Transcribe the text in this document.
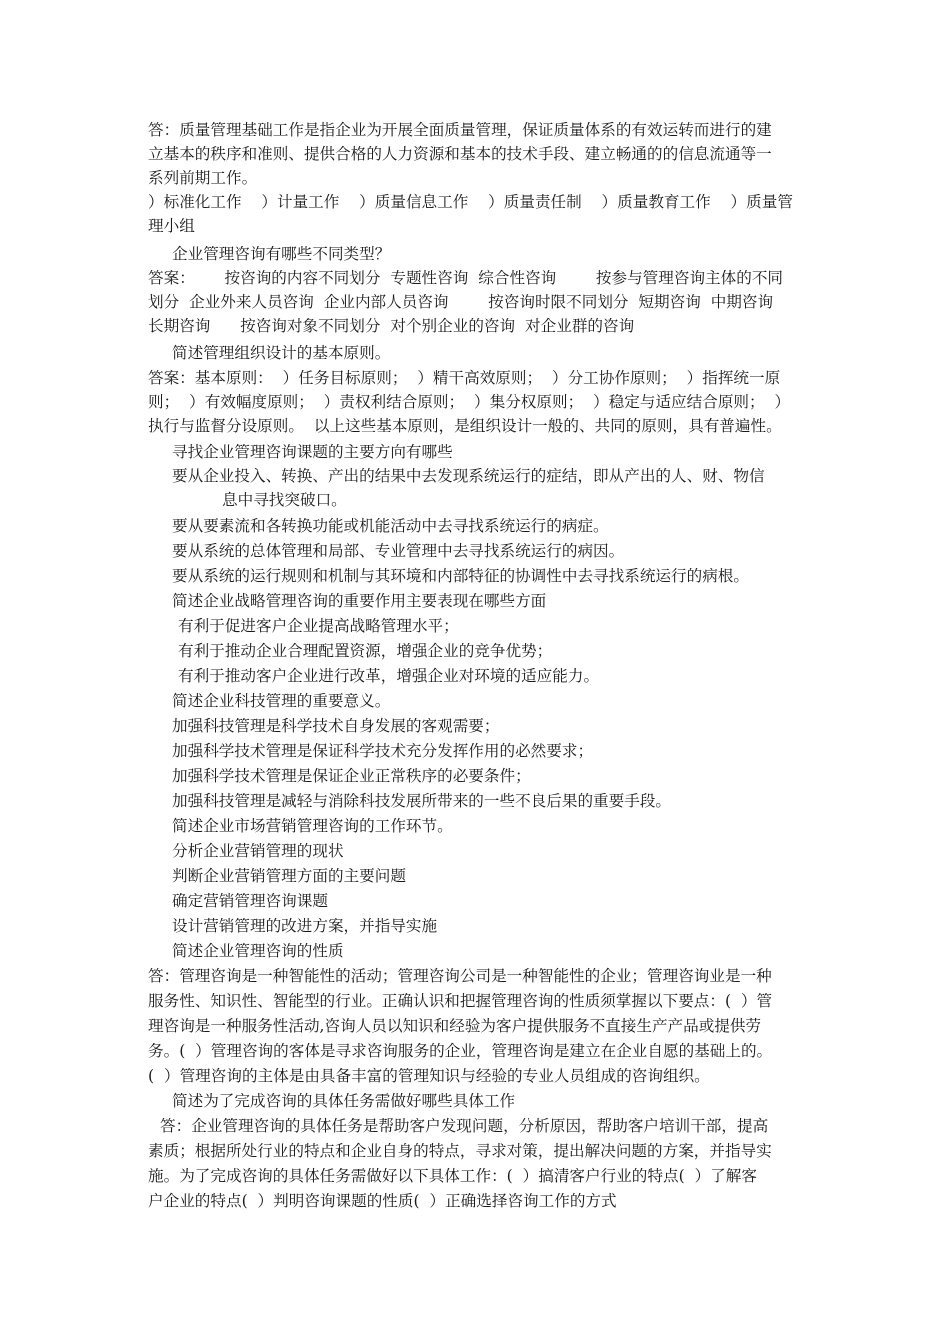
答：质量管理基础工作是指企业为开展全面质量管理，保证质量体系的有效运转而进行的建
立基本的秩序和准则、提供合格的人力资源和基本的技术手段、建立畅通的的信息流通等一
系列前期工作。
）标准化工作    ）计量工作    ）质量信息工作    ）质量责任制    ）质量教育工作    ）质量管
理小组
企业管理咨询有哪些不同类型？
答案：      按咨询的内容不同划分  专题性咨询  综合性咨询        按参与管理咨询主体的不同
划分  企业外来人员咨询  企业内部人员咨询        按咨询时限不同划分  短期咨询  中期咨询
长期咨询      按咨询对象不同划分  对个别企业的咨询  对企业群的咨询
简述管理组织设计的基本原则。
答案：基本原则：  ）任务目标原则；  ）精干高效原则；  ）分工协作原则；  ）指挥统一原
则；  ）有效幅度原则；  ）责权利结合原则；  ）集分权原则；  ）稳定与适应结合原则；  ）
执行与监督分设原则。  以上这些基本原则，是组织设计一般的、共同的原则，具有普遍性。
寻找企业管理咨询课题的主要方向有哪些
要从企业投入、转换、产出的结果中去发现系统运行的症结，即从产出的人、财、物信
息中寻找突破口。
要从要素流和各转换功能或机能活动中去寻找系统运行的病症。
要从系统的总体管理和局部、专业管理中去寻找系统运行的病因。
要从系统的运行规则和机制与其环境和内部特征的协调性中去寻找系统运行的病根。
简述企业战略管理咨询的重要作用主要表现在哪些方面
有利于促进客户企业提高战略管理水平；
有利于推动企业合理配置资源，增强企业的竞争优势；
有利于推动客户企业进行改革，增强企业对环境的适应能力。
简述企业科技管理的重要意义。
加强科技管理是科学技术自身发展的客观需要；
加强科学技术管理是保证科学技术充分发挥作用的必然要求；
加强科学技术管理是保证企业正常秩序的必要条件；
加强科技管理是减轻与消除科技发展所带来的一些不良后果的重要手段。
简述企业市场营销管理咨询的工作环节。
分析企业营销管理的现状
判断企业营销管理方面的主要问题
确定营销管理咨询课题
设计营销管理的改进方案，并指导实施
简述企业管理咨询的性质
答：管理咨询是一种智能性的活动；管理咨询公司是一种智能性的企业；管理咨询业是一种
服务性、知识性、智能型的行业。正确认识和把握管理咨询的性质须掌握以下要点：(  ）管
理咨询是一种服务性活动,咨询人员以知识和经验为客户提供服务不直接生产产品或提供劳
务。(  ）管理咨询的客体是寻求咨询服务的企业，管理咨询是建立在企业自愿的基础上的。
(  ）管理咨询的主体是由具备丰富的管理知识与经验的专业人员组成的咨询组织。
简述为了完成咨询的具体任务需做好哪些具体工作
答：企业管理咨询的具体任务是帮助客户发现问题，分析原因，帮助客户培训干部，提高
素质；根据所处行业的特点和企业自身的特点，寻求对策，提出解决问题的方案，并指导实
施。为了完成咨询的具体任务需做好以下具体工作：(  ）搞清客户行业的特点(  ）了解客
户企业的特点(  ）判明咨询课题的性质(  ）正确选择咨询工作的方式
